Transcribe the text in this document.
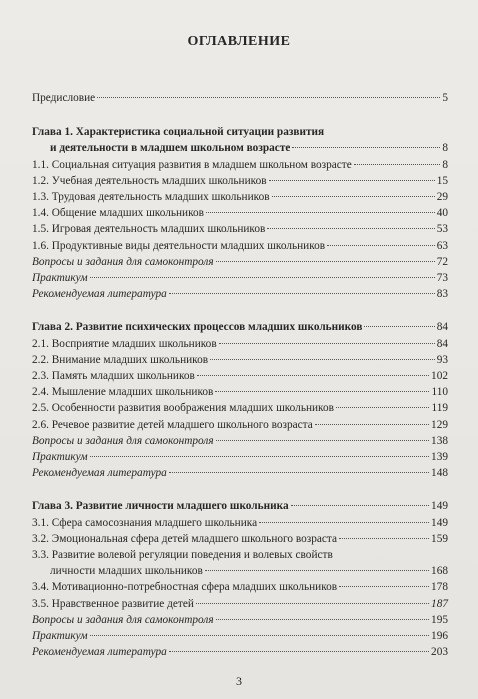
ОГЛАВЛЕНИЕ
Предисловие	5
Глава 1. Характеристика социальной ситуации развития
и деятельности в младшем школьном возрасте	8
1.1. Социальная ситуация развития в младшем школьном возрасте	8
1.2. Учебная деятельность младших школьников	15
1.3. Трудовая деятельность младших школьников	29
1.4. Общение младших школьников	40
1.5. Игровая деятельность младших школьников	53
1.6. Продуктивные виды деятельности младших школьников	63
Вопросы и задания для самоконтроля	72
Практикум	73
Рекомендуемая литература	83
Глава 2. Развитие психических процессов младших школьников	84
2.1. Восприятие младших школьников	84
2.2. Внимание младших школьников	93
2.3. Память младших школьников	102
2.4. Мышление младших школьников	110
2.5. Особенности развития воображения младших школьников	119
2.6. Речевое развитие детей младшего школьного возраста	129
Вопросы и задания для самоконтроля	138
Практикум	139
Рекомендуемая литература	148
Глава 3. Развитие личности младшего школьника	149
3.1. Сфера самосознания младшего школьника	149
3.2. Эмоциональная сфера детей младшего школьного возраста	159
3.3. Развитие волевой регуляции поведения и волевых свойств
личности младших школьников	168
3.4. Мотивационно-потребностная сфера младших школьников	178
3.5. Нравственное развитие детей	187
Вопросы и задания для самоконтроля	195
Практикум	196
Рекомендуемая литература	203
3
